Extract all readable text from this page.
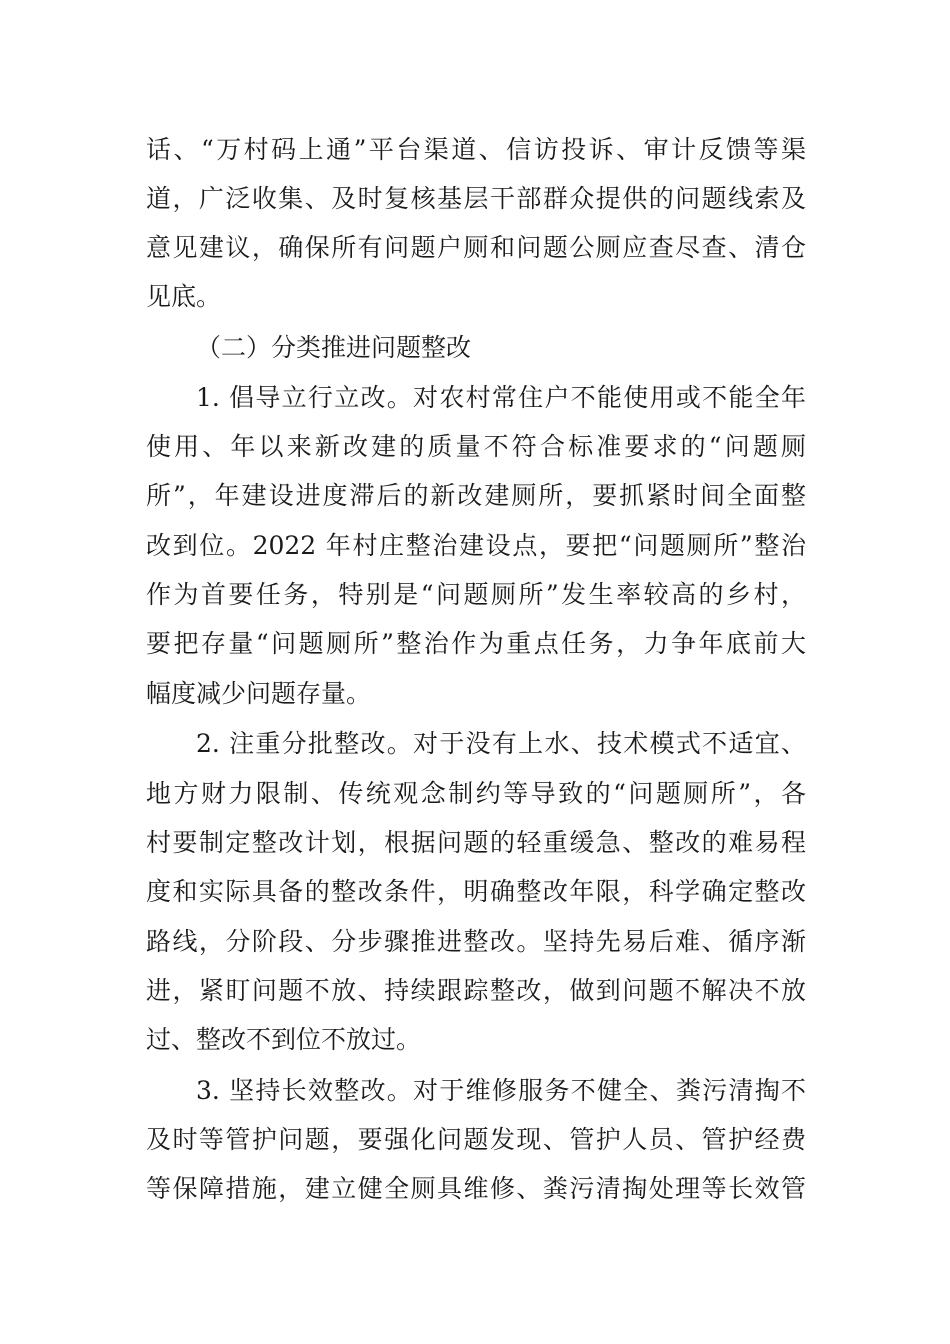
话、“万村码上通”平台渠道、信访投诉、审计反馈等渠
道，广泛收集、及时复核基层干部群众提供的问题线索及
意见建议，确保所有问题户厕和问题公厕应查尽查、清仓
见底。
（二）分类推进问题整改
1. 倡导立行立改。对农村常住户不能使用或不能全年
使用、年以来新改建的质量不符合标准要求的“问题厕
所”，年建设进度滞后的新改建厕所，要抓紧时间全面整
改到位。2022 年村庄整治建设点，要把“问题厕所”整治
作为首要任务，特别是“问题厕所”发生率较高的乡村，
要把存量“问题厕所”整治作为重点任务，力争年底前大
幅度减少问题存量。
2. 注重分批整改。对于没有上水、技术模式不适宜、
地方财力限制、传统观念制约等导致的“问题厕所”，各
村要制定整改计划，根据问题的轻重缓急、整改的难易程
度和实际具备的整改条件，明确整改年限，科学确定整改
路线，分阶段、分步骤推进整改。坚持先易后难、循序渐
进，紧盯问题不放、持续跟踪整改，做到问题不解决不放
过、整改不到位不放过。
3. 坚持长效整改。对于维修服务不健全、粪污清掏不
及时等管护问题，要强化问题发现、管护人员、管护经费
等保障措施，建立健全厕具维修、粪污清掏处理等长效管
